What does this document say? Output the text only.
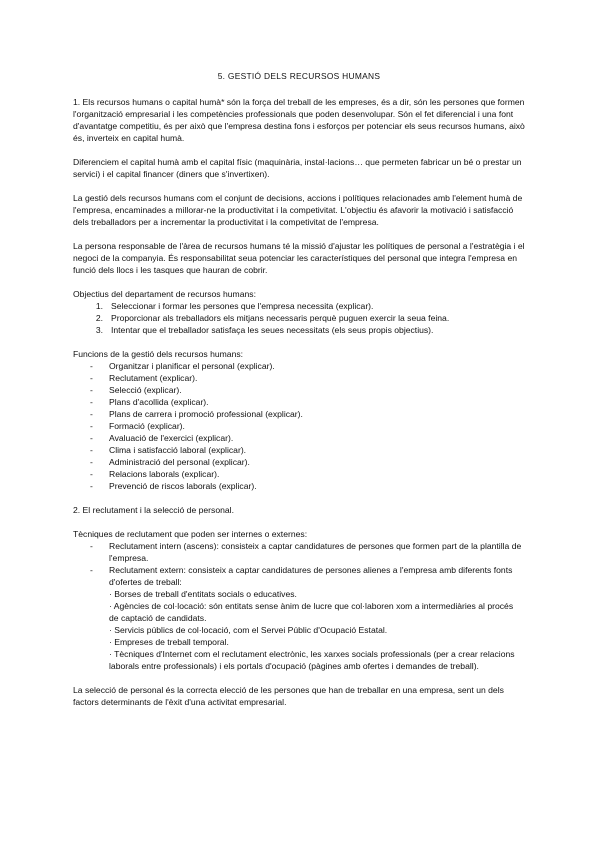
5. GESTIÓ DELS RECURSOS HUMANS

1. Els recursos humans o capital humà* són la força del treball de les empreses, és a dir, són les persones que formen l'organització empresarial i les competències professionals que poden desenvolupar. Són el fet diferencial i una font d'avantatge competitiu, és per això que l'empresa destina fons i esforços per potenciar els seus recursos humans, això és, inverteix en capital humà.

Diferenciem el capital humà amb el capital físic (maquinària, instal·lacions… que permeten fabricar un bé o prestar un servici) i el capital financer (diners que s'invertixen).

La gestió dels recursos humans com el conjunt de decisions, accions i polítiques relacionades amb l'element humà de l'empresa, encaminades a millorar-ne la productivitat i la competivitat. L'objectiu és afavorir la motivació i satisfacció dels treballadors per a incrementar la productivitat i la competivitat de l'empresa.

La persona responsable de l'àrea de recursos humans té la missió d'ajustar les polítiques de personal a l'estratègia i el negoci de la companyia. És responsabilitat seua potenciar les característiques del personal que integra l'empresa en funció dels llocs i les tasques que hauran de cobrir.

Objectius del departament de recursos humans:
1. Seleccionar i formar les persones que l'empresa necessita (explicar).
2. Proporcionar als treballadors els mitjans necessaris perquè puguen exercir la seua feina.
3. Intentar que el treballador satisfaça les seues necessitats (els seus propis objectius).
Funcions de la gestió dels recursos humans:
-	Organitzar i planificar el personal (explicar).
-	Reclutament (explicar).
-	Selecció (explicar).
-	Plans d'acollida (explicar).
-	Plans de carrera i promoció professional (explicar).
-	Formació (explicar).
-	Avaluació de l'exercici (explicar).
-	Clima i satisfacció laboral (explicar).
-	Administració del personal (explicar).
-	Relacions laborals (explicar).
-	Prevenció de riscos laborals (explicar).

2. El reclutament i la selecció de personal.

Tècniques de reclutament que poden ser internes o externes:
-	Reclutament intern (ascens): consisteix a captar candidatures de persones que formen part de la plantilla de l'empresa.
-	Reclutament extern: consisteix a captar candidatures de persones alienes a l'empresa amb diferents fonts d'ofertes de treball:
· Borses de treball d'entitats socials o educatives.
· Agències de col·locació: són entitats sense ànim de lucre que col·laboren xom a intermediàries al procés de captació de candidats.
· Servicis públics de col·locació, com el Servei Públic d'Ocupació Estatal.
· Empreses de treball temporal.
· Tècniques d'Internet com el reclutament electrònic, les xarxes socials professionals (per a crear relacions laborals entre professionals) i els portals d'ocupació (pàgines amb ofertes i demandes de treball).

La selecció de personal és la correcta elecció de les persones que han de treballar en una empresa, sent un dels factors determinants de l'èxit d'una activitat empresarial.
